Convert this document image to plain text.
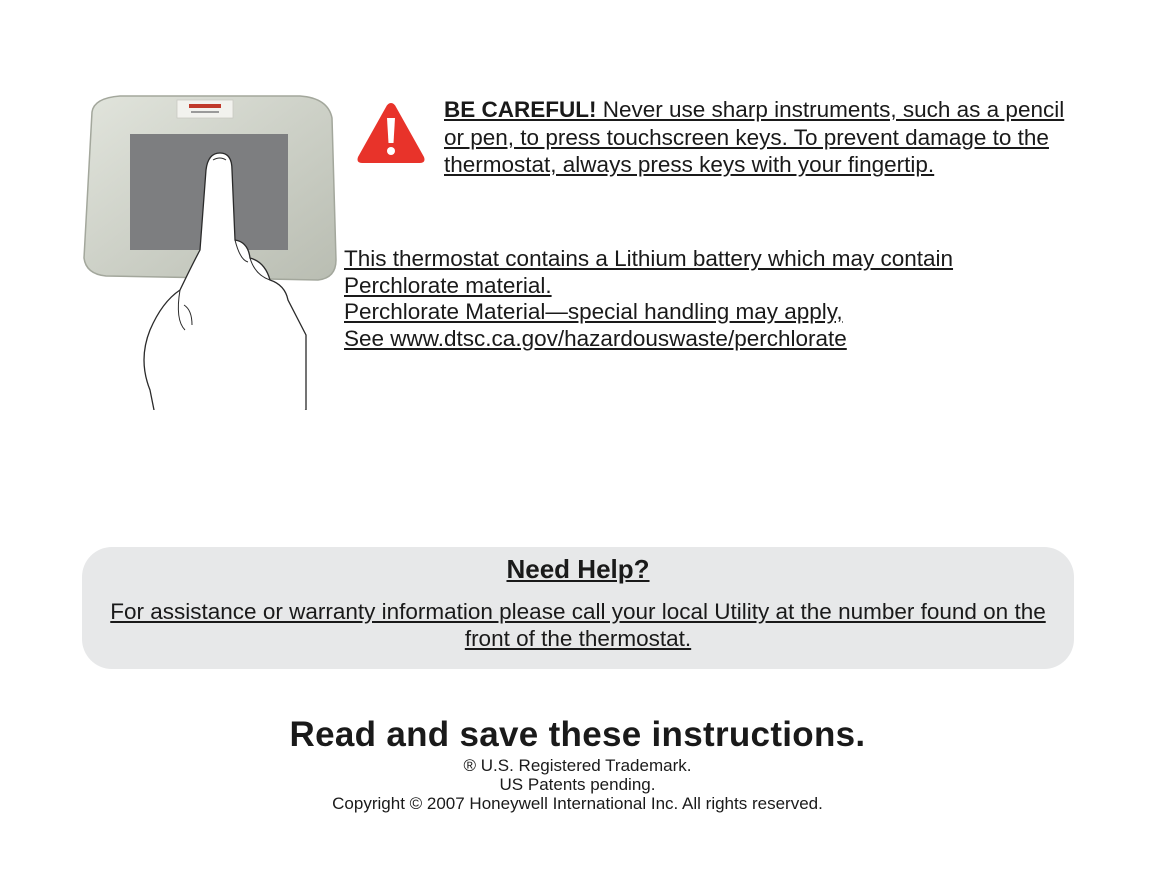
BE CAREFUL! Never use sharp instruments, such as a pencil or pen, to press touchscreen keys. To prevent damage to the thermostat, always press keys with your fingertip.

This thermostat contains a Lithium battery which may contain
Perchlorate material.
Perchlorate Material—special handling may apply,
See www.dtsc.ca.gov/hazardouswaste/perchlorate
Need Help?
For assistance or warranty information please call your local Utility at the number found on the front of the thermostat.
Read and save these instructions.
® U.S. Registered Trademark.
US Patents pending.
Copyright © 2007 Honeywell International Inc. All rights reserved.
